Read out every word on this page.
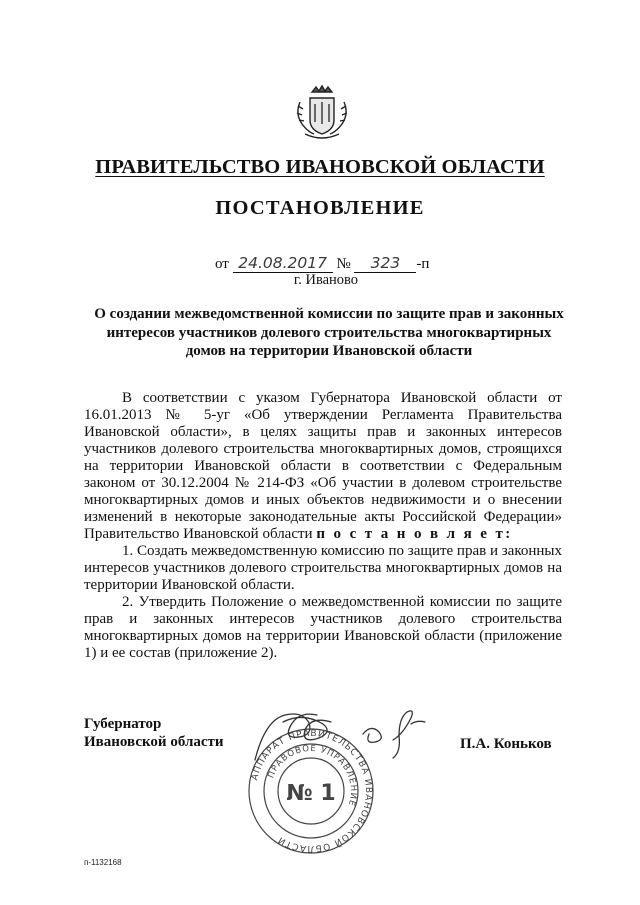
ПРАВИТЕЛЬСТВО ИВАНОВСКОЙ ОБЛАСТИ
ПОСТАНОВЛЕНИЕ
от 24.08.2017 № 323 -п
г. Иваново
О создании межведомственной комиссии по защите прав и законных интересов участников долевого строительства многоквартирных домов на территории Ивановской области

В соответствии с указом Губернатора Ивановской области от 16.01.2013 № 5-уг «Об утверждении Регламента Правительства Ивановской области», в целях защиты прав и законных интересов участников долевого строительства многоквартирных домов, строящихся на территории Ивановской области в соответствии с Федеральным законом от 30.12.2004 № 214-ФЗ «Об участии в долевом строительстве многоквартирных домов и иных объектов недвижимости и о внесении изменений в некоторые законодательные акты Российской Федерации» Правительство Ивановской области п о с т а н о в л я е т:

1. Создать межведомственную комиссию по защите прав и законных интересов участников долевого строительства многоквартирных домов на территории Ивановской области.

2. Утвердить Положение о межведомственной комиссии по защите прав и законных интересов участников долевого строительства многоквартирных домов на территории Ивановской области (приложение 1) и ее состав (приложение 2).

Губернатор
Ивановской области
АППАРАТ ПРАВИТЕЛЬСТВА ИВАНОВСКОЙ ОБЛАСТИ
ПРАВОВОЕ УПРАВЛЕНИЕ
№ 1
П.А. Коньков
п-1132168
